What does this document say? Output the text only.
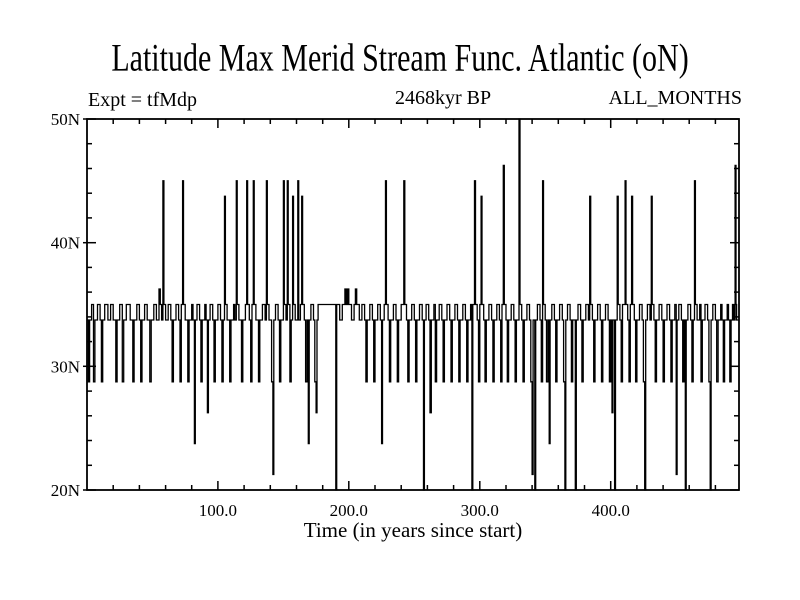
Latitude Max Merid Stream Func. Atlantic (oN)
Expt = tfMdp	2468kyr BP	ALL_MONTHS
100.0	200.0	300.0	400.0
20N
30N
40N
50N
Time (in years since start)
